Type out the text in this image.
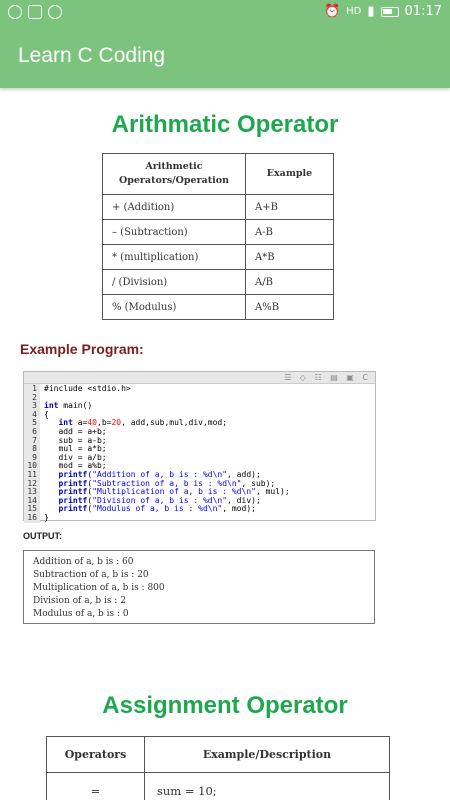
⏰ HD ▮ 01:17
Learn C Coding
Arithmatic Operator
Arithmetic
Operators/Operation	Example
+ (Addition)	A+B
– (Subtraction)	A-B
* (multiplication)	A*B
/ (Division)	A/B
% (Modulus)	A%B
Example Program:
☰ ◇ ☷ ▤ ▣ C
1
2
3
4
5
6
7
8
9
10
11
12
13
14
15
16
#include <stdio.h>

int main()
{
int a=40,b=20, add,sub,mul,div,mod;
add = a+b;
sub = a-b;
mul = a*b;
div = a/b;
mod = a%b;
printf("Addition of a, b is : %d\n", add);
printf("Subtraction of a, b is : %d\n", sub);
printf("Multiplication of a, b is : %d\n", mul);
printf("Division of a, b is : %d\n", div);
printf("Modulus of a, b is : %d\n", mod);
}
OUTPUT:
Addition of a, b is : 60
Subtraction of a, b is : 20
Multiplication of a, b is : 800
Division of a, b is : 2
Modulus of a, b is : 0
Assignment Operator
Operators	Example/Description
=	sum = 10;
